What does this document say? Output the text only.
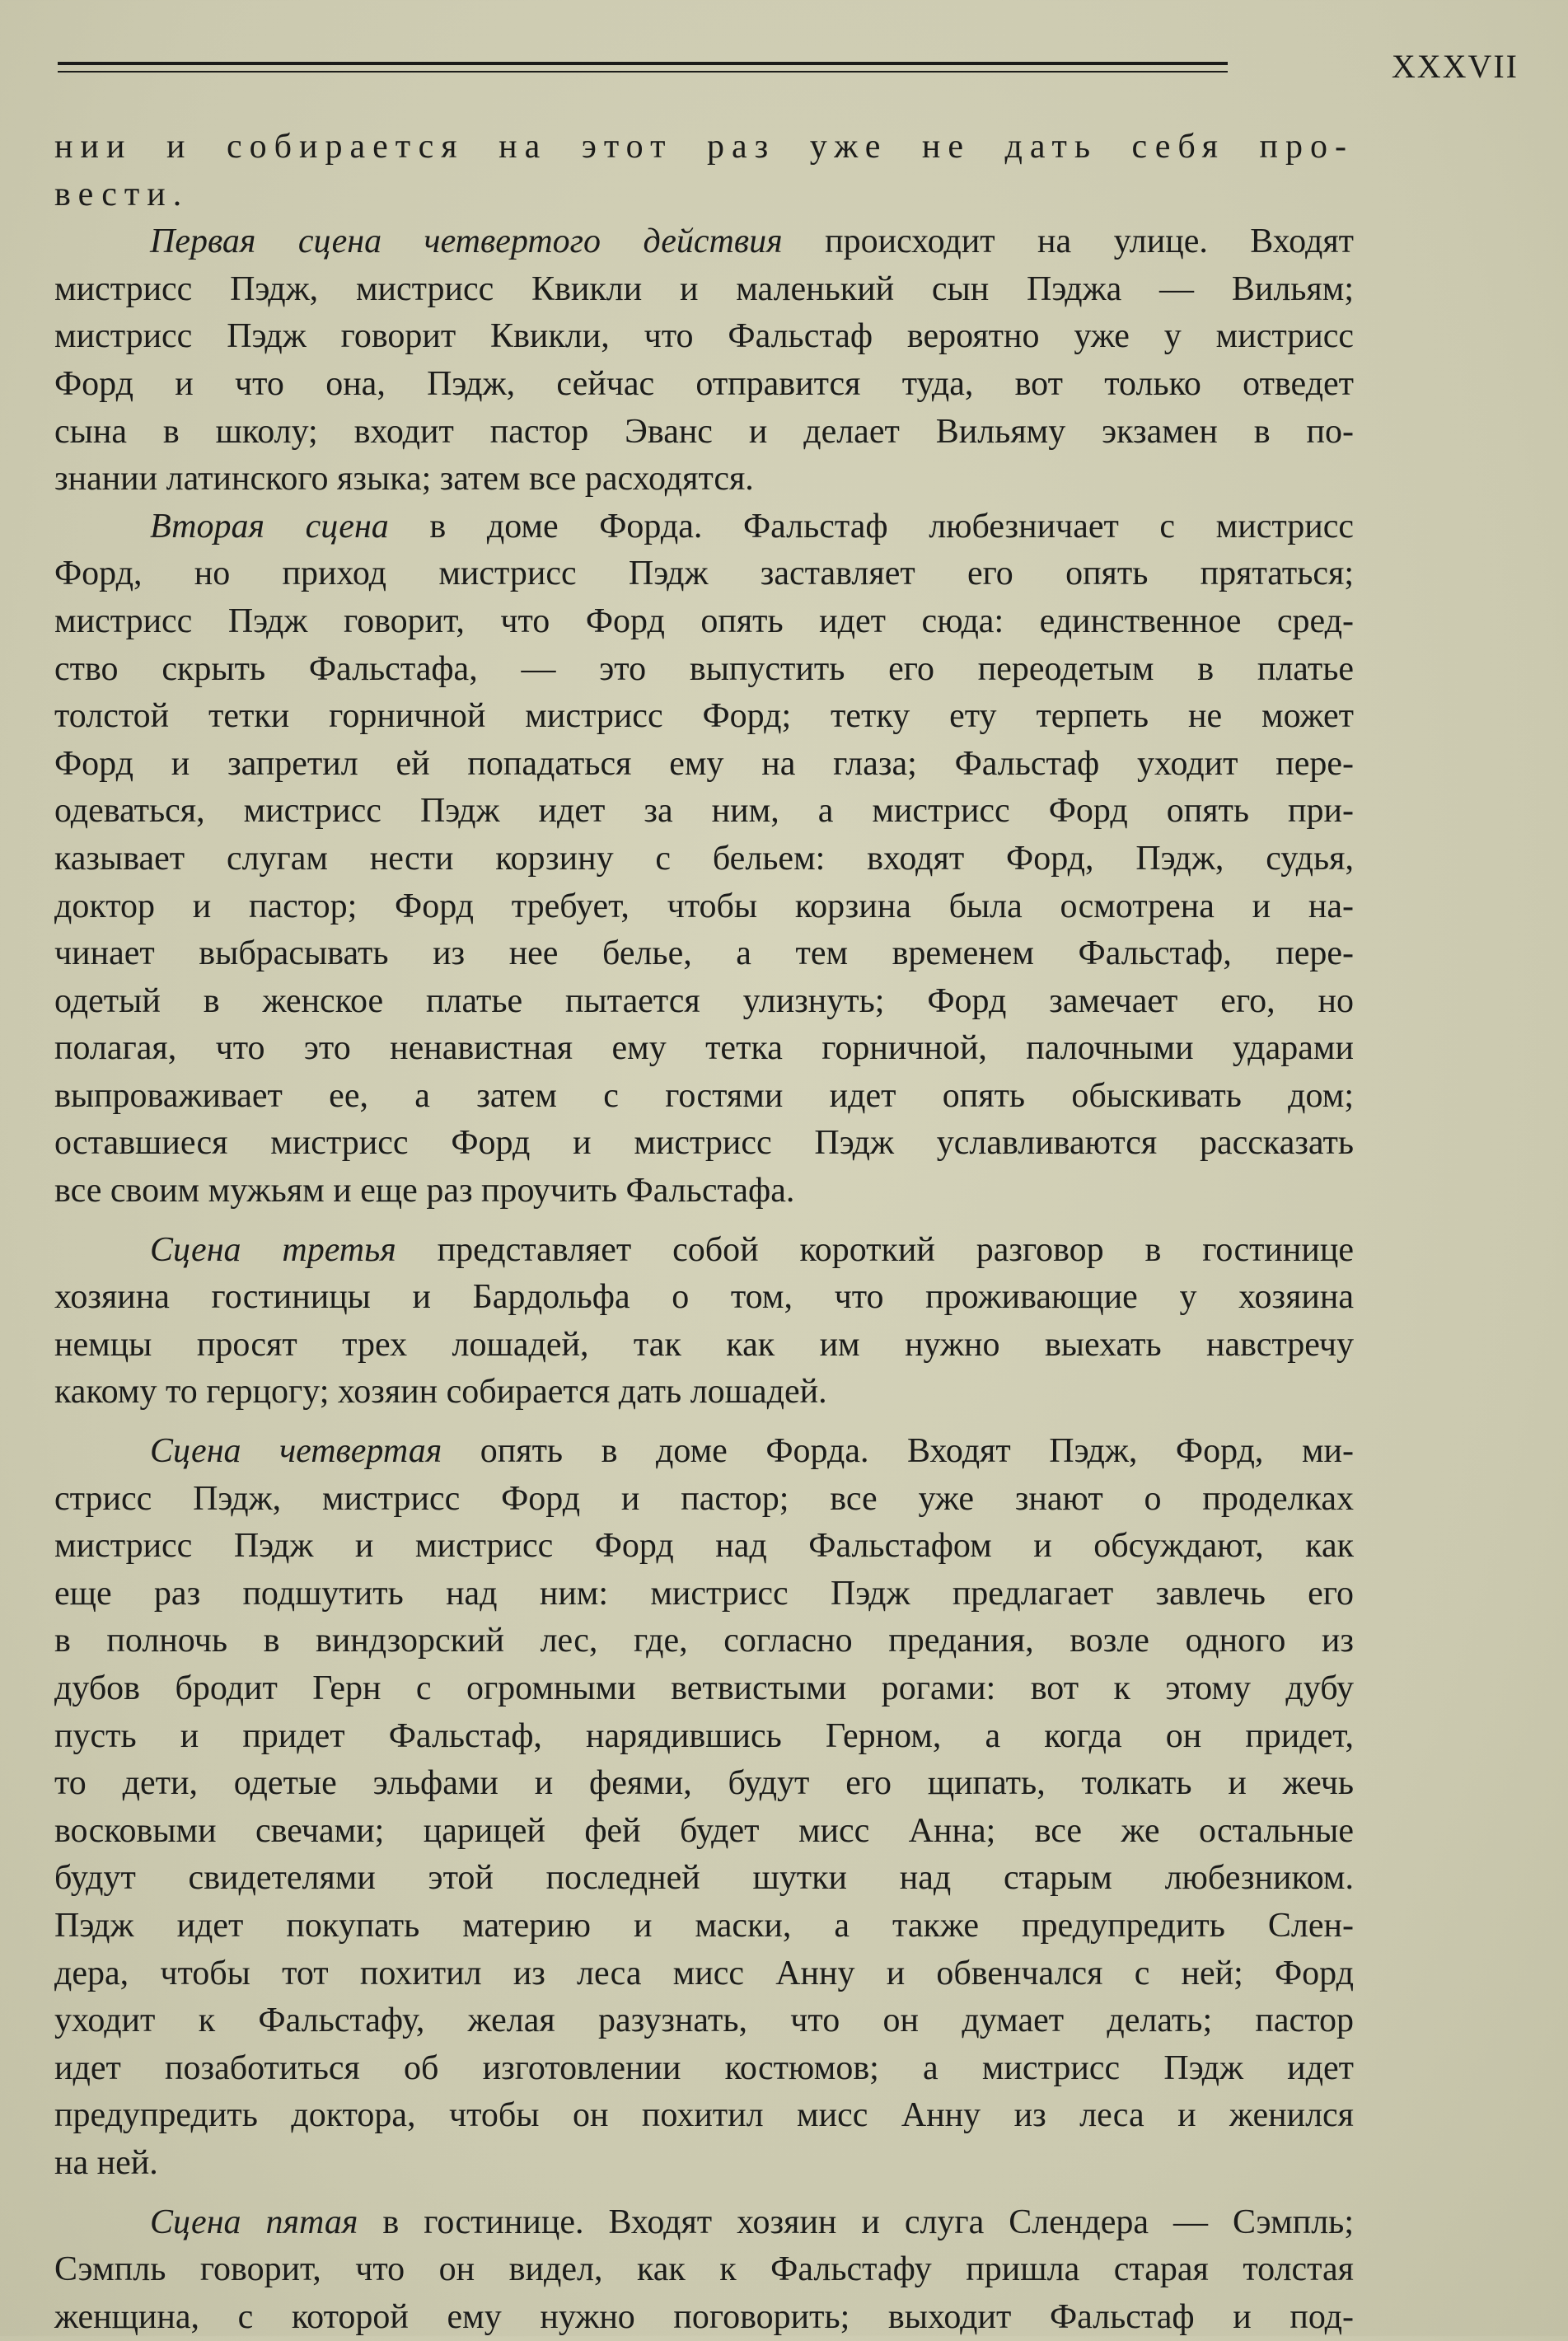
XXXVII
нии и собирается на этот раз уже не дать себя про-
вести.
Первая сцена четвертого действия происходит на улице. Входят
мистрисс Пэдж, мистрисс Квикли и маленький сын Пэджа — Вильям;
мистрисс Пэдж говорит Квикли, что Фальстаф вероятно уже у мистрисс
Форд и что она, Пэдж, сейчас отправится туда, вот только отведет
сына в школу; входит пастор Эванс и делает Вильяму экзамен в по-
знании латинского языка; затем все расходятся.
Вторая сцена в доме Форда. Фальстаф любезничает с мистрисс
Форд, но приход мистрисс Пэдж заставляет его опять прятаться;
мистрисс Пэдж говорит, что Форд опять идет сюда: единственное сред-
ство скрыть Фальстафа, — это выпустить его переодетым в платье
толстой тетки горничной мистрисс Форд; тетку ету терпеть не может
Форд и запретил ей попадаться ему на глаза; Фальстаф уходит пере-
одеваться, мистрисс Пэдж идет за ним, а мистрисс Форд опять при-
казывает слугам нести корзину с бельем: входят Форд, Пэдж, судья,
доктор и пастор; Форд требует, чтобы корзина была осмотрена и на-
чинает выбрасывать из нее белье, а тем временем Фальстаф, пере-
одетый в женское платье пытается улизнуть; Форд замечает его, но
полагая, что это ненавистная ему тетка горничной, палочными ударами
выпроваживает ее, а затем с гостями идет опять обыскивать дом;
оставшиеся мистрисс Форд и мистрисс Пэдж уславливаются рассказать
все своим мужьям и еще раз проучить Фальстафа.
Сцена третья представляет собой короткий разговор в гостинице
хозяина гостиницы и Бардольфа о том, что проживающие у хозяина
немцы просят трех лошадей, так как им нужно выехать навстречу
какому то герцогу; хозяин собирается дать лошадей.
Сцена четвертая опять в доме Форда. Входят Пэдж, Форд, ми-
стрисс Пэдж, мистрисс Форд и пастор; все уже знают о проделках
мистрисс Пэдж и мистрисс Форд над Фальстафом и обсуждают, как
еще раз подшутить над ним: мистрисс Пэдж предлагает завлечь его
в полночь в виндзорский лес, где, согласно предания, возле одного из
дубов бродит Герн с огромными ветвистыми рогами: вот к этому дубу
пусть и придет Фальстаф, нарядившись Герном, а когда он придет,
то дети, одетые эльфами и феями, будут его щипать, толкать и жечь
восковыми свечами; царицей фей будет мисс Анна; все же остальные
будут свидетелями этой последней шутки над старым любезником.
Пэдж идет покупать материю и маски, а также предупредить Слен-
дера, чтобы тот похитил из леса мисс Анну и обвенчался с ней; Форд
уходит к Фальстафу, желая разузнать, что он думает делать; пастор
идет позаботиться об изготовлении костюмов; а мистрисс Пэдж идет
предупредить доктора, чтобы он похитил мисс Анну из леса и женился
на ней.
Сцена пятая в гостинице. Входят хозяин и слуга Слендера — Сэмпль;
Сэмпль говорит, что он видел, как к Фальстафу пришла старая толстая
женщина, с которой ему нужно поговорить; выходит Фальстаф и под-
